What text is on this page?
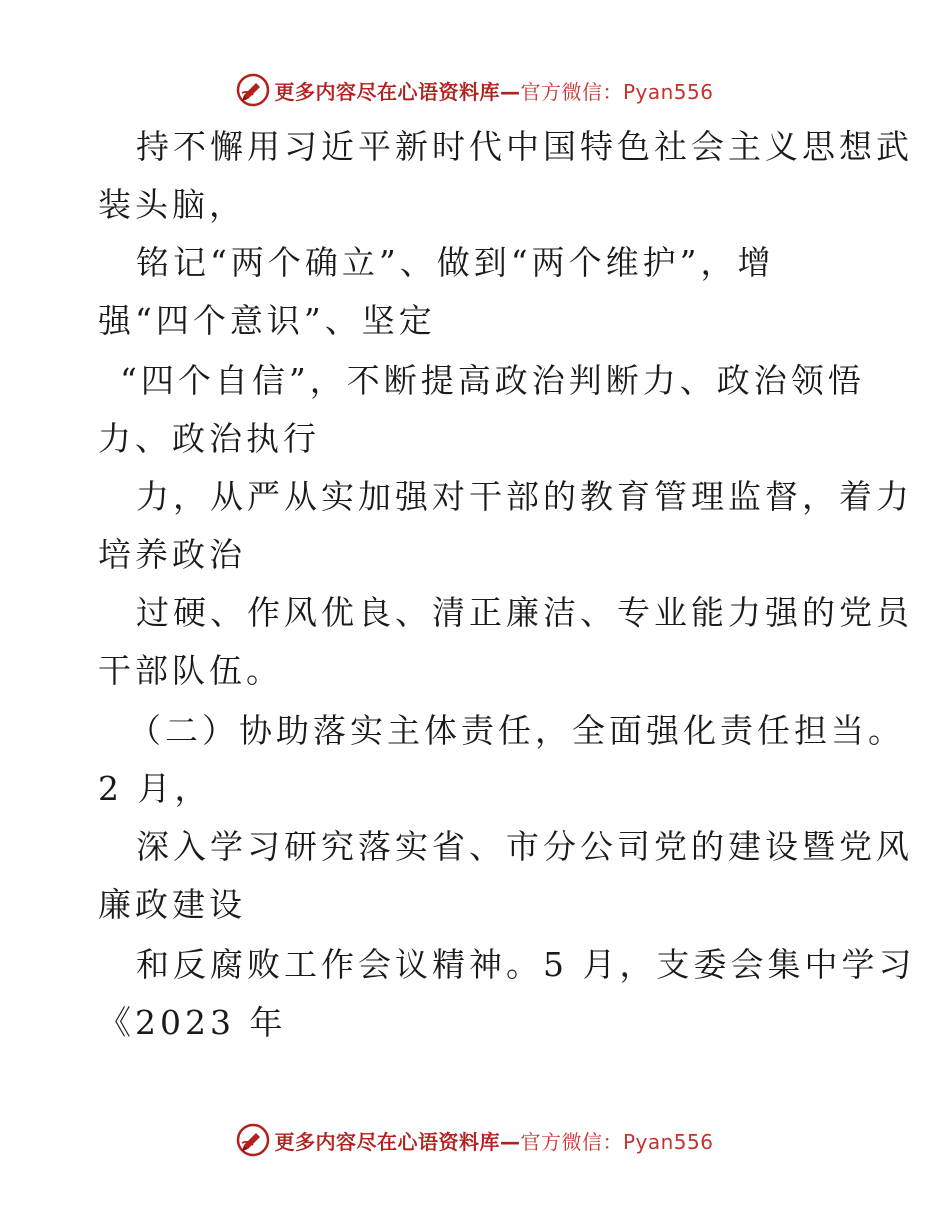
更多内容尽在心语资料库—官方微信：Pyan556
持不懈用习近平新时代中国特色社会主义思想武
装头脑，
铭记“两个确立”、做到“两个维护”，增
强“四个意识”、坚定
“四个自信”，不断提高政治判断力、政治领悟
力、政治执行
力，从严从实加强对干部的教育管理监督，着力
培养政治
过硬、作风优良、清正廉洁、专业能力强的党员
干部队伍。
（二）协助落实主体责任，全面强化责任担当。
2 月，
深入学习研究落实省、市分公司党的建设暨党风
廉政建设
和反腐败工作会议精神。5 月，支委会集中学习
《2023 年
更多内容尽在心语资料库—官方微信：Pyan556
